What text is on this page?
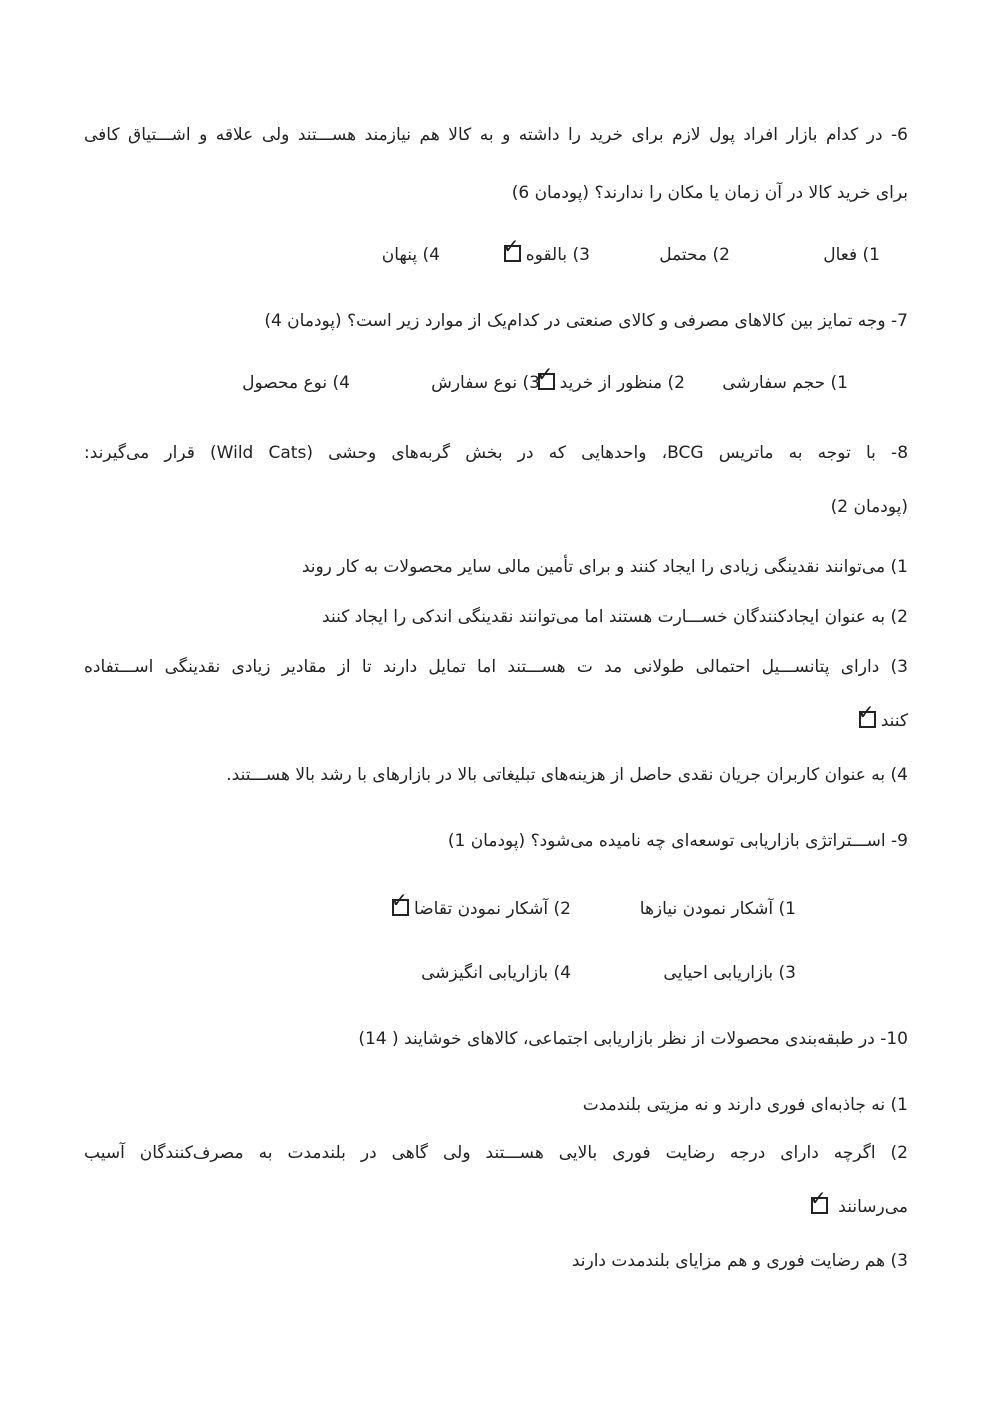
6- در کدام بازار افراد پول لازم برای خرید را داشته و به کالا هم نیازمند هســـتند ولی علاقه و اشـــتیاق کافی
برای خرید کالا در آن زمان یا مکان را ندارند؟ (پودمان 6)
1) فعال
2) محتمل
3) بالقوه
✓
4) پنهان
7- وجه تمایز بین کالاهای مصرفی و کالای صنعتی در کدام‌یک از موارد زیر است؟ (پودمان 4)
1) حجم سفارشی
2) منظور از خرید
✓
3) نوع سفارش
4) نوع محصول
8- با توجه به ماتریس BCG، واحدهایی که در بخش گربه‌های وحشی (Wild Cats) قرار می‌گیرند:
(پودمان 2)
1) می‌توانند نقدینگی زیادی را ایجاد کنند و برای تأمین مالی سایر محصولات به کار روند
2) به عنوان ایجادکنندگان خســـارت هستند اما می‌توانند نقدینگی اندکی را ایجاد کنند
3) دارای پتانســـیل احتمالی طولانی مد ت هســـتند اما تمایل دارند تا از مقادیر زیادی نقدینگی اســـتفاده
کنند
✓
4) به عنوان کاربران جریان نقدی حاصل از هزینه‌های تبلیغاتی بالا در بازارهای با رشد بالا هســـتند.
9- اســـتراتژی بازاریابی توسعه‌ای چه نامیده می‌شود؟ (پودمان 1)
1) آشکار نمودن نیازها
2) آشکار نمودن تقاضا
✓
3) بازاریابی احیایی
4) بازاریابی انگیزشی
10- در طبقه‌بندی محصولات از نظر بازاریابی اجتماعی، کالاهای خوشایند ( 14)
1) نه جاذبه‌ای فوری دارند و نه مزیتی بلندمدت
2) اگرچه دارای درجه رضایت فوری بالایی هســـتند ولی گاهی در بلندمدت به مصرف‌کنندگان آسیب
می‌رسانند
✓
3) هم رضایت فوری و هم مزایای بلندمدت دارند
